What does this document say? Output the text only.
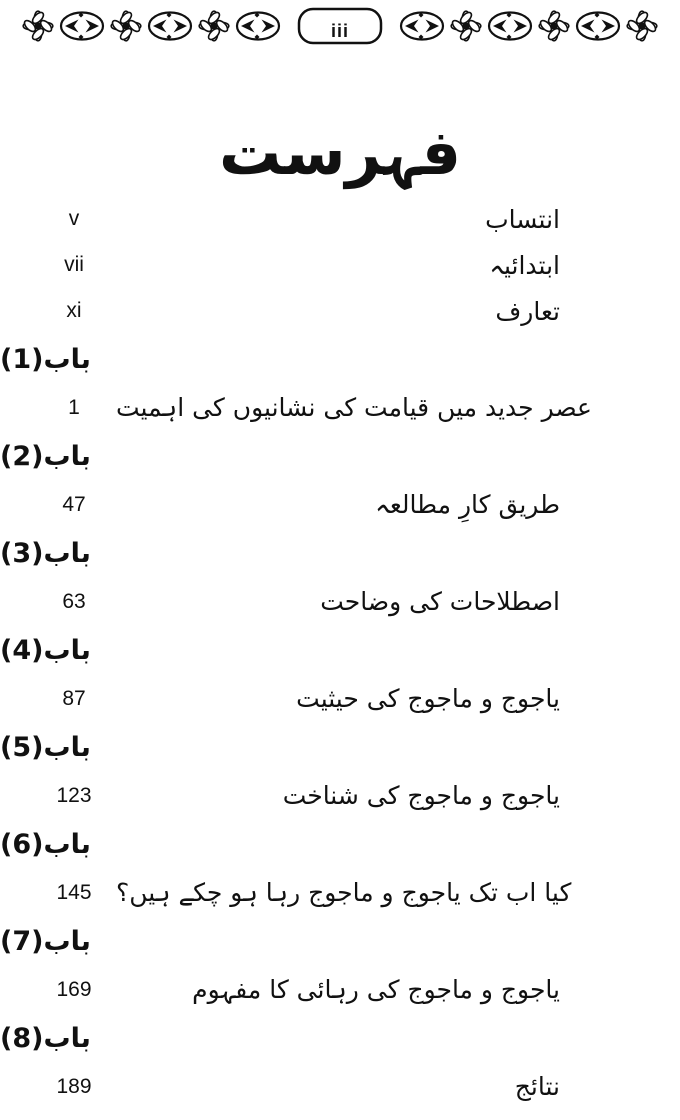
iii
فہرست
v	انتساب
vii	ابتدائیہ
xi	تعارف
باب(1)
1	عصر جدید میں قیامت کی نشانیوں کی اہمیت
باب(2)
47	طریق کارِ مطالعہ
باب(3)
63	اصطلاحات کی وضاحت
باب(4)
87	یاجوج و ماجوج کی حیثیت
باب(5)
123	یاجوج و ماجوج کی شناخت
باب(6)
145 کیا اب تک یاجوج و ماجوج رہا ہو چکے ہیں؟
باب(7)
169	یاجوج و ماجوج کی رہائی کا مفہوم
باب(8)
189	نتائج
